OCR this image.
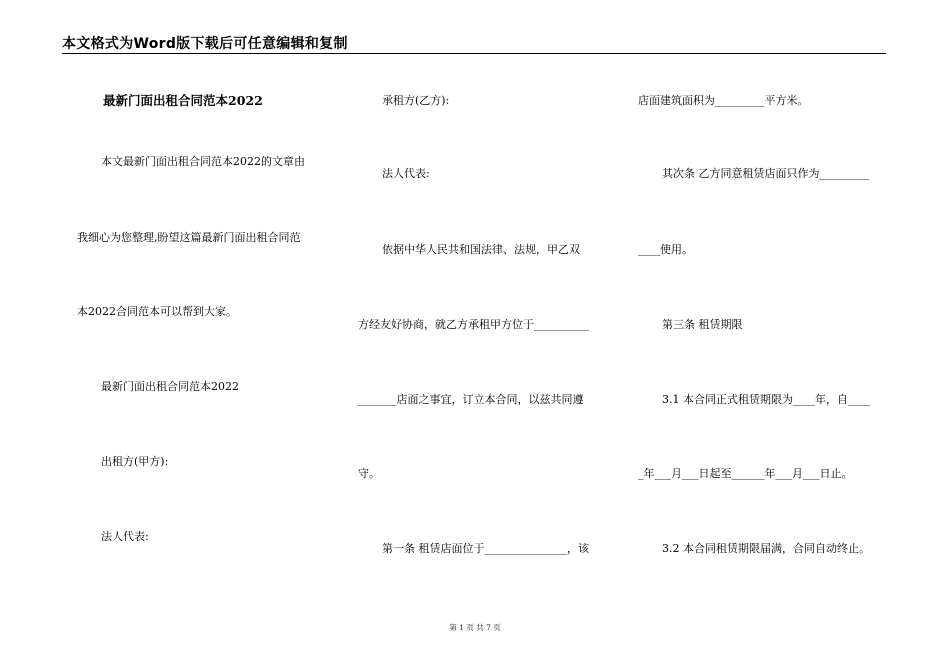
本文格式为Word版下载后可任意编辑和复制
最新门面出租合同范本2022
本文最新门面出租合同范本2022的文章由
我细心为您整理,盼望这篇最新门面出租合同范
本2022合同范本可以帮到大家。
最新门面出租合同范本2022
出租方(甲方):
法人代表:
承租方(乙方):
法人代表:
依据中华人民共和国法律、法规，甲乙双
方经友好协商，就乙方承租甲方位于__________
_______店面之事宜，订立本合同，以兹共同遵
守。
第一条 租赁店面位于_______________，该
店面建筑面积为_________平方米。
其次条 乙方同意租赁店面只作为_________
____使用。
第三条 租赁期限
3.1 本合同正式租赁期限为____年，自____
_年___月___日起至______年___月___日止。
3.2 本合同租赁期限届满，合同自动终止。
第 1 页 共 7 页
